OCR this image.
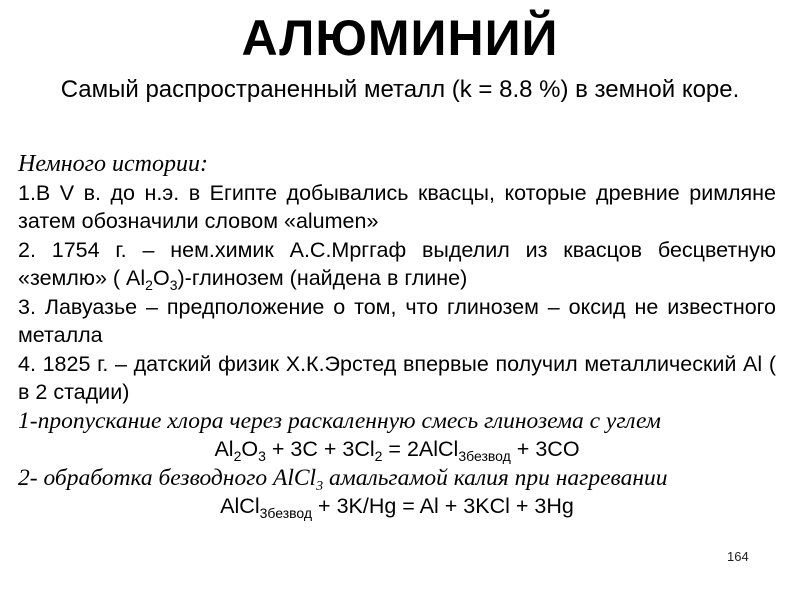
АЛЮМИНИЙ
Самый распространенный металл (k = 8.8 %) в земной коре.

Немного истории:

1.В V в. до н.э. в Египте добывались квасцы, которые древние римляне затем обозначили словом «alumen»

2. 1754 г. – нем.химик А.С.Мрггаф выделил из квасцов бесцветную «землю» ( $Al_2O_3$)-глинозем (найдена в глине)

3. Лавуазье – предположение о том, что глинозем – оксид не известного металла

4. 1825 г. – датский физик Х.К.Эрстед впервые получил металлический Al ( в 2 стадии)

1-пропускание хлора через раскаленную смесь глинозема с углем

$Al_2O_3 + 3C + 3Cl_2$ = 2AlCl$_{3безвод}$ + 3CO

2- обработка безводного AlCl$_3$ амальгамой калия при нагревании

AlCl$_{3безвод}$ + 3K/Hg = Al + 3KCl + 3Hg

164
